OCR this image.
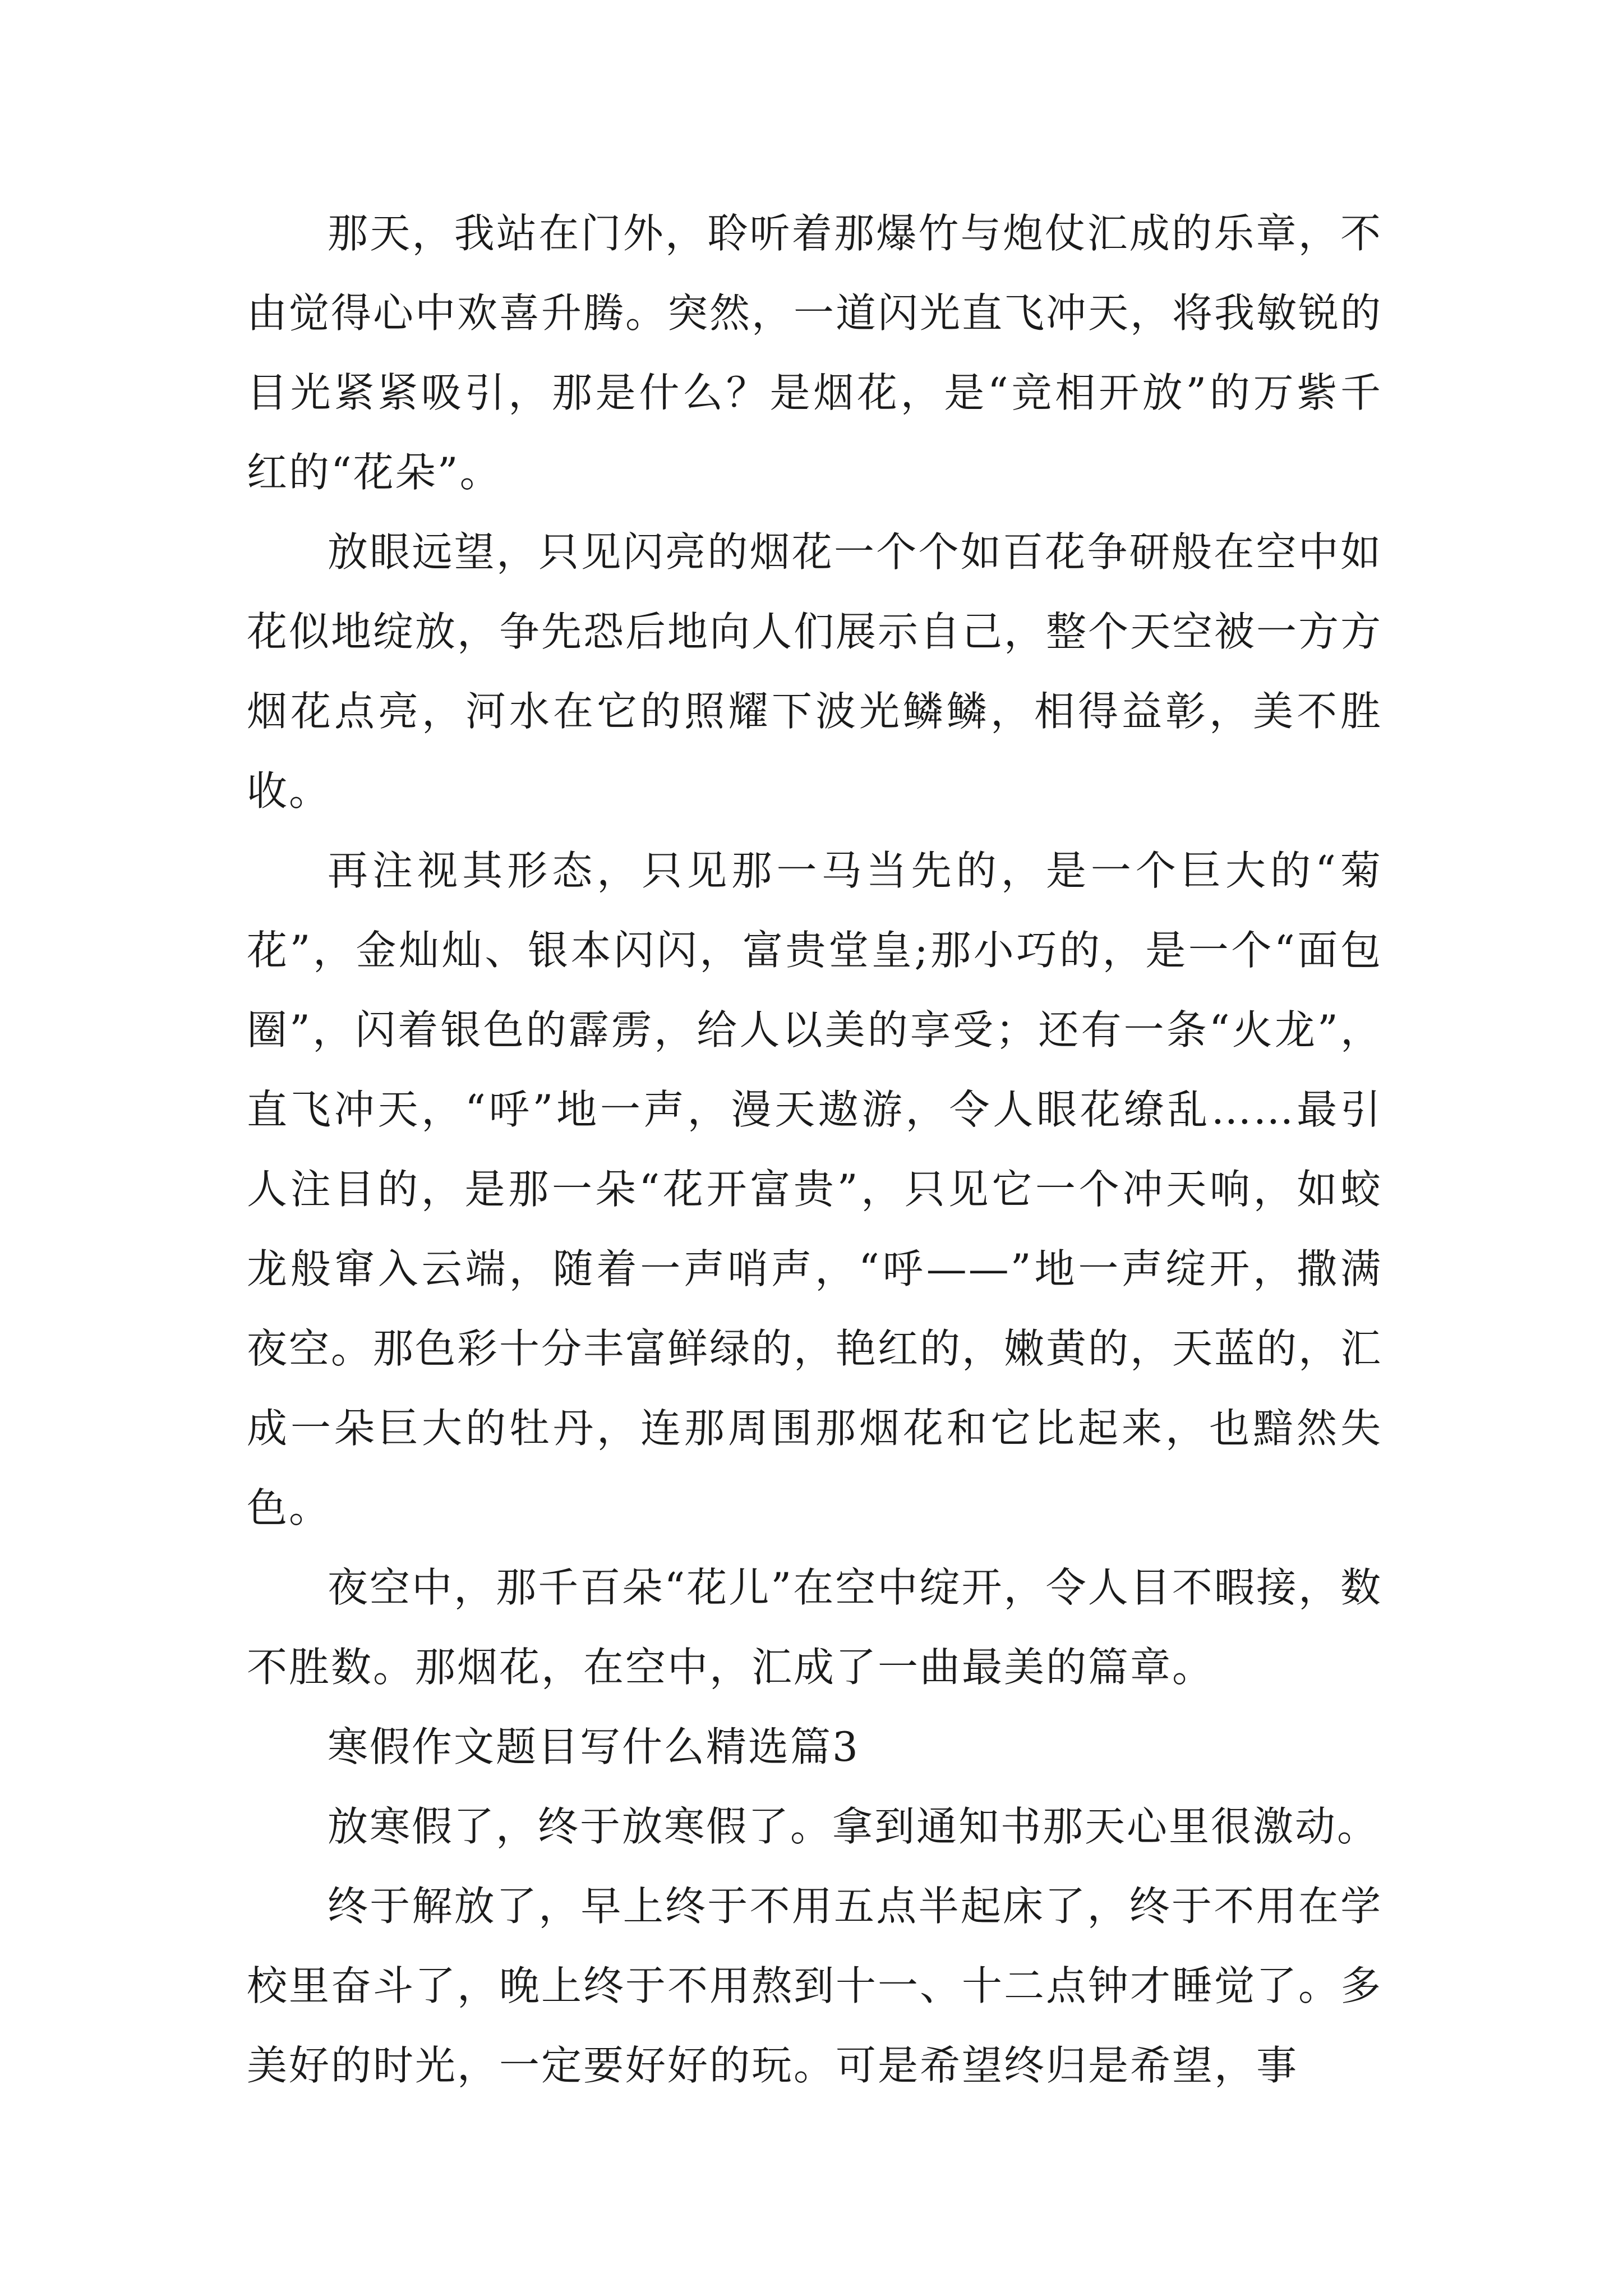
那天，我站在门外，聆听着那爆竹与炮仗汇成的乐章，不由觉得心中欢喜升腾。突然，一道闪光直飞冲天，将我敏锐的目光紧紧吸引，那是什么？是烟花，是“竞相开放”的万紫千红的“花朵”。

放眼远望，只见闪亮的烟花一个个如百花争研般在空中如花似地绽放，争先恐后地向人们展示自己，整个天空被一方方烟花点亮，河水在它的照耀下波光鳞鳞，相得益彰，美不胜收。

再注视其形态，只见那一马当先的，是一个巨大的“菊花”，金灿灿、银本闪闪，富贵堂皇;那小巧的，是一个“面包圈”，闪着银色的霹雳，给人以美的享受；还有一条“火龙”，直飞冲天，“呼”地一声，漫天遨游，令人眼花缭乱……最引人注目的，是那一朵“花开富贵”，只见它一个冲天响，如蛟龙般窜入云端，随着一声哨声，“呼——”地一声绽开，撒满夜空。那色彩十分丰富鲜绿的，艳红的，嫩黄的，天蓝的，汇成一朵巨大的牡丹，连那周围那烟花和它比起来，也黯然失色。

夜空中，那千百朵“花儿”在空中绽开，令人目不暇接，数不胜数。那烟花，在空中，汇成了一曲最美的篇章。

寒假作文题目写什么精选篇3

放寒假了，终于放寒假了。拿到通知书那天心里很激动。

终于解放了，早上终于不用五点半起床了，终于不用在学校里奋斗了，晚上终于不用熬到十一、十二点钟才睡觉了。多美好的时光，一定要好好的玩。可是希望终归是希望，事
